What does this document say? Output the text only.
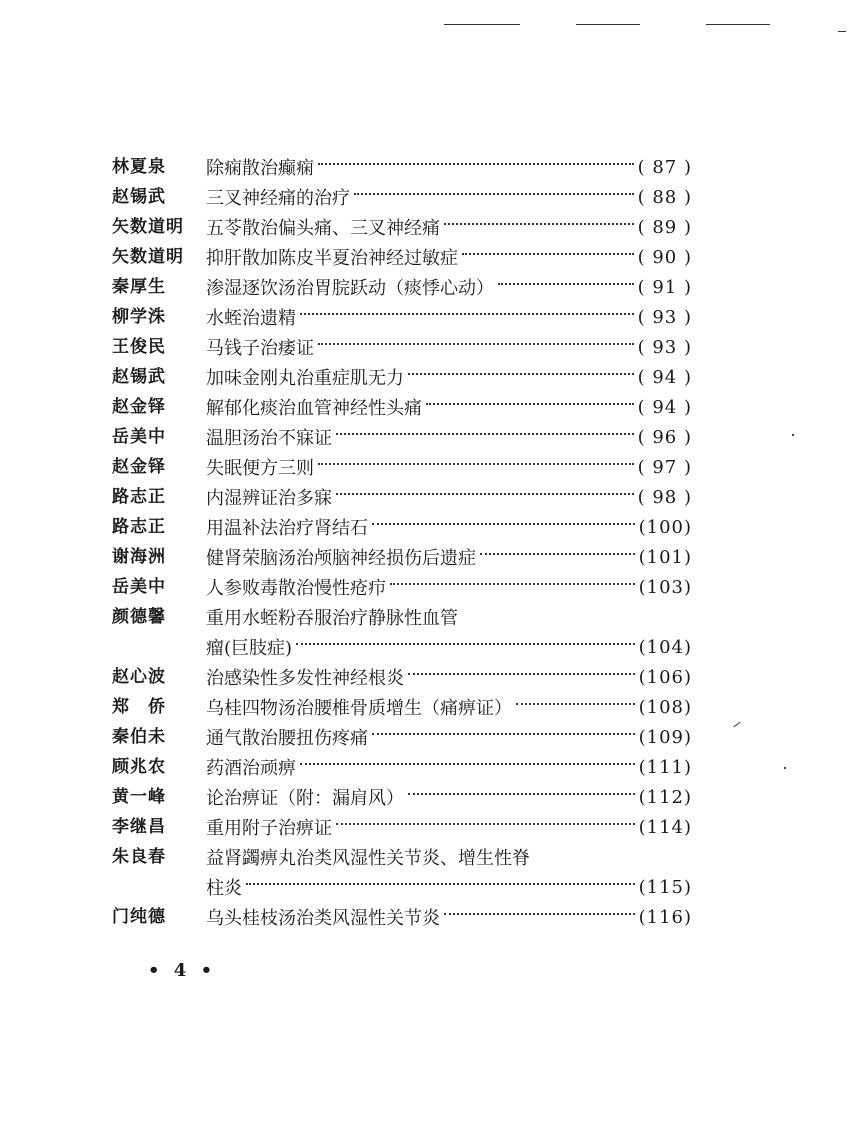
林夏泉 除痫散治癫痫	( 87 )
赵锡武 三叉神经痛的治疗	( 88 )
矢数道明 五苓散治偏头痛、三叉神经痛	( 89 )
矢数道明 抑肝散加陈皮半夏治神经过敏症	( 90 )
秦厚生 渗湿逐饮汤治胃脘跃动（痰悸心动）	( 91 )
柳学洙 水蛭治遗精	( 93 )
王俊民 马钱子治痿证	( 93 )
赵锡武 加味金刚丸治重症肌无力	( 94 )
赵金铎 解郁化痰治血管神经性头痛	( 94 )
岳美中 温胆汤治不寐证	( 96 )
赵金铎 失眠便方三则	( 97 )
路志正 内湿辨证治多寐	( 98 )
路志正 用温补法治疗肾结石	(100)
谢海洲 健肾荣脑汤治颅脑神经损伤后遗症	(101)
岳美中 人参败毒散治慢性疮疖	(103)
颜德馨 重用水蛭粉吞服治疗静脉性血管
瘤(巨肢症)	(104)
赵心波 治感染性多发性神经根炎	(106)
郑　侨 乌桂四物汤治腰椎骨质增生（痛痹证）	(108)
秦伯未 通气散治腰扭伤疼痛	(109)
顾兆农 药酒治顽痹	(111)
黄一峰 论治痹证（附：漏肩风）	(112)
李继昌 重用附子治痹证	(114)
朱良春 益肾蠲痹丸治类风湿性关节炎、增生性脊
柱炎	(115)
门纯德 乌头桂枝汤治类风湿性关节炎	(116)
• 4 •
